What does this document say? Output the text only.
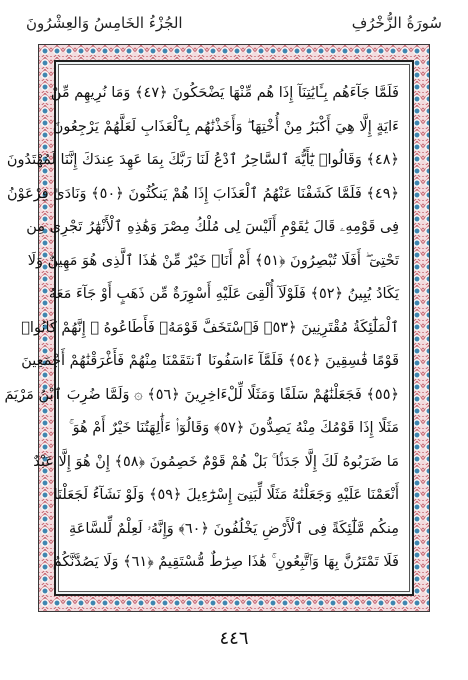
سُورَةُ الزُّخْرُفِ
الجُزْءُ الخَامِسُ وَالعِشْرُونَ
فَلَمَّا جَآءَهُم بِـَٔايَٰتِنَآ إِذَا هُم مِّنْهَا يَضْحَكُونَ ﴿٤٧﴾ وَمَا نُرِيهِم مِّنْ
ءَايَةٍ إِلَّا هِيَ أَكْبَرُ مِنْ أُخْتِهَا ۖ وَأَخَذْنَٰهُم بِٱلْعَذَابِ لَعَلَّهُمْ يَرْجِعُونَ
﴿٤٨﴾ وَقَالُوا۟ يَٰٓأَيُّهَ ٱلسَّاحِرُ ٱدْعُ لَنَا رَبَّكَ بِمَا عَهِدَ عِندَكَ إِنَّنَا لَمُهْتَدُونَ
﴿٤٩﴾ فَلَمَّا كَشَفْنَا عَنْهُمُ ٱلْعَذَابَ إِذَا هُمْ يَنكُثُونَ ﴿٥٠﴾ وَنَادَىٰ فِرْعَوْنُ
فِى قَوْمِهِۦ قَالَ يَٰقَوْمِ أَلَيْسَ لِى مُلْكُ مِصْرَ وَهَٰذِهِ ٱلْأَنْهَٰرُ تَجْرِى مِن
تَحْتِىٓ ۖ أَفَلَا تُبْصِرُونَ ﴿٥١﴾ أَمْ أَنَا۠ خَيْرٌ مِّنْ هَٰذَا ٱلَّذِى هُوَ مَهِينٌ وَلَا
يَكَادُ يُبِينُ ﴿٥٢﴾ فَلَوْلَآ أُلْقِىَ عَلَيْهِ أَسْوِرَةٌ مِّن ذَهَبٍ أَوْ جَآءَ مَعَهُ
ٱلْمَلَٰٓئِكَةُ مُقْتَرِنِينَ ﴿٥٣﴾ فَٱسْتَخَفَّ قَوْمَهُۥ فَأَطَاعُوهُ ۚ إِنَّهُمْ كَانُوا۟
قَوْمًا فَٰسِقِينَ ﴿٥٤﴾ فَلَمَّآ ءَاسَفُونَا ٱنتَقَمْنَا مِنْهُمْ فَأَغْرَقْنَٰهُمْ أَجْمَعِينَ
﴿٥٥﴾ فَجَعَلْنَٰهُمْ سَلَفًا وَمَثَلًا لِّلْءَاخِرِينَ ﴿٥٦﴾ ۞ وَلَمَّا ضُرِبَ ٱبْنُ مَرْيَمَ
مَثَلًا إِذَا قَوْمُكَ مِنْهُ يَصِدُّونَ ﴿٥٧﴾ وَقَالُوٓا۟ ءَأَٰلِهَتُنَا خَيْرٌ أَمْ هُوَ ۚ
مَا ضَرَبُوهُ لَكَ إِلَّا جَدَلًۢا ۚ بَلْ هُمْ قَوْمٌ خَصِمُونَ ﴿٥٨﴾ إِنْ هُوَ إِلَّا عَبْدٌ
أَنْعَمْنَا عَلَيْهِ وَجَعَلْنَٰهُ مَثَلًا لِّبَنِىٓ إِسْرَٰٓءِيلَ ﴿٥٩﴾ وَلَوْ نَشَآءُ لَجَعَلْنَا
مِنكُم مَّلَٰٓئِكَةً فِى ٱلْأَرْضِ يَخْلُفُونَ ﴿٦٠﴾ وَإِنَّهُۥ لَعِلْمٌ لِّلسَّاعَةِ
فَلَا تَمْتَرُنَّ بِهَا وَٱتَّبِعُونِ ۚ هَٰذَا صِرَٰطٌ مُّسْتَقِيمٌ ﴿٦١﴾ وَلَا يَصُدَّنَّكُمُ
٤٤٦
